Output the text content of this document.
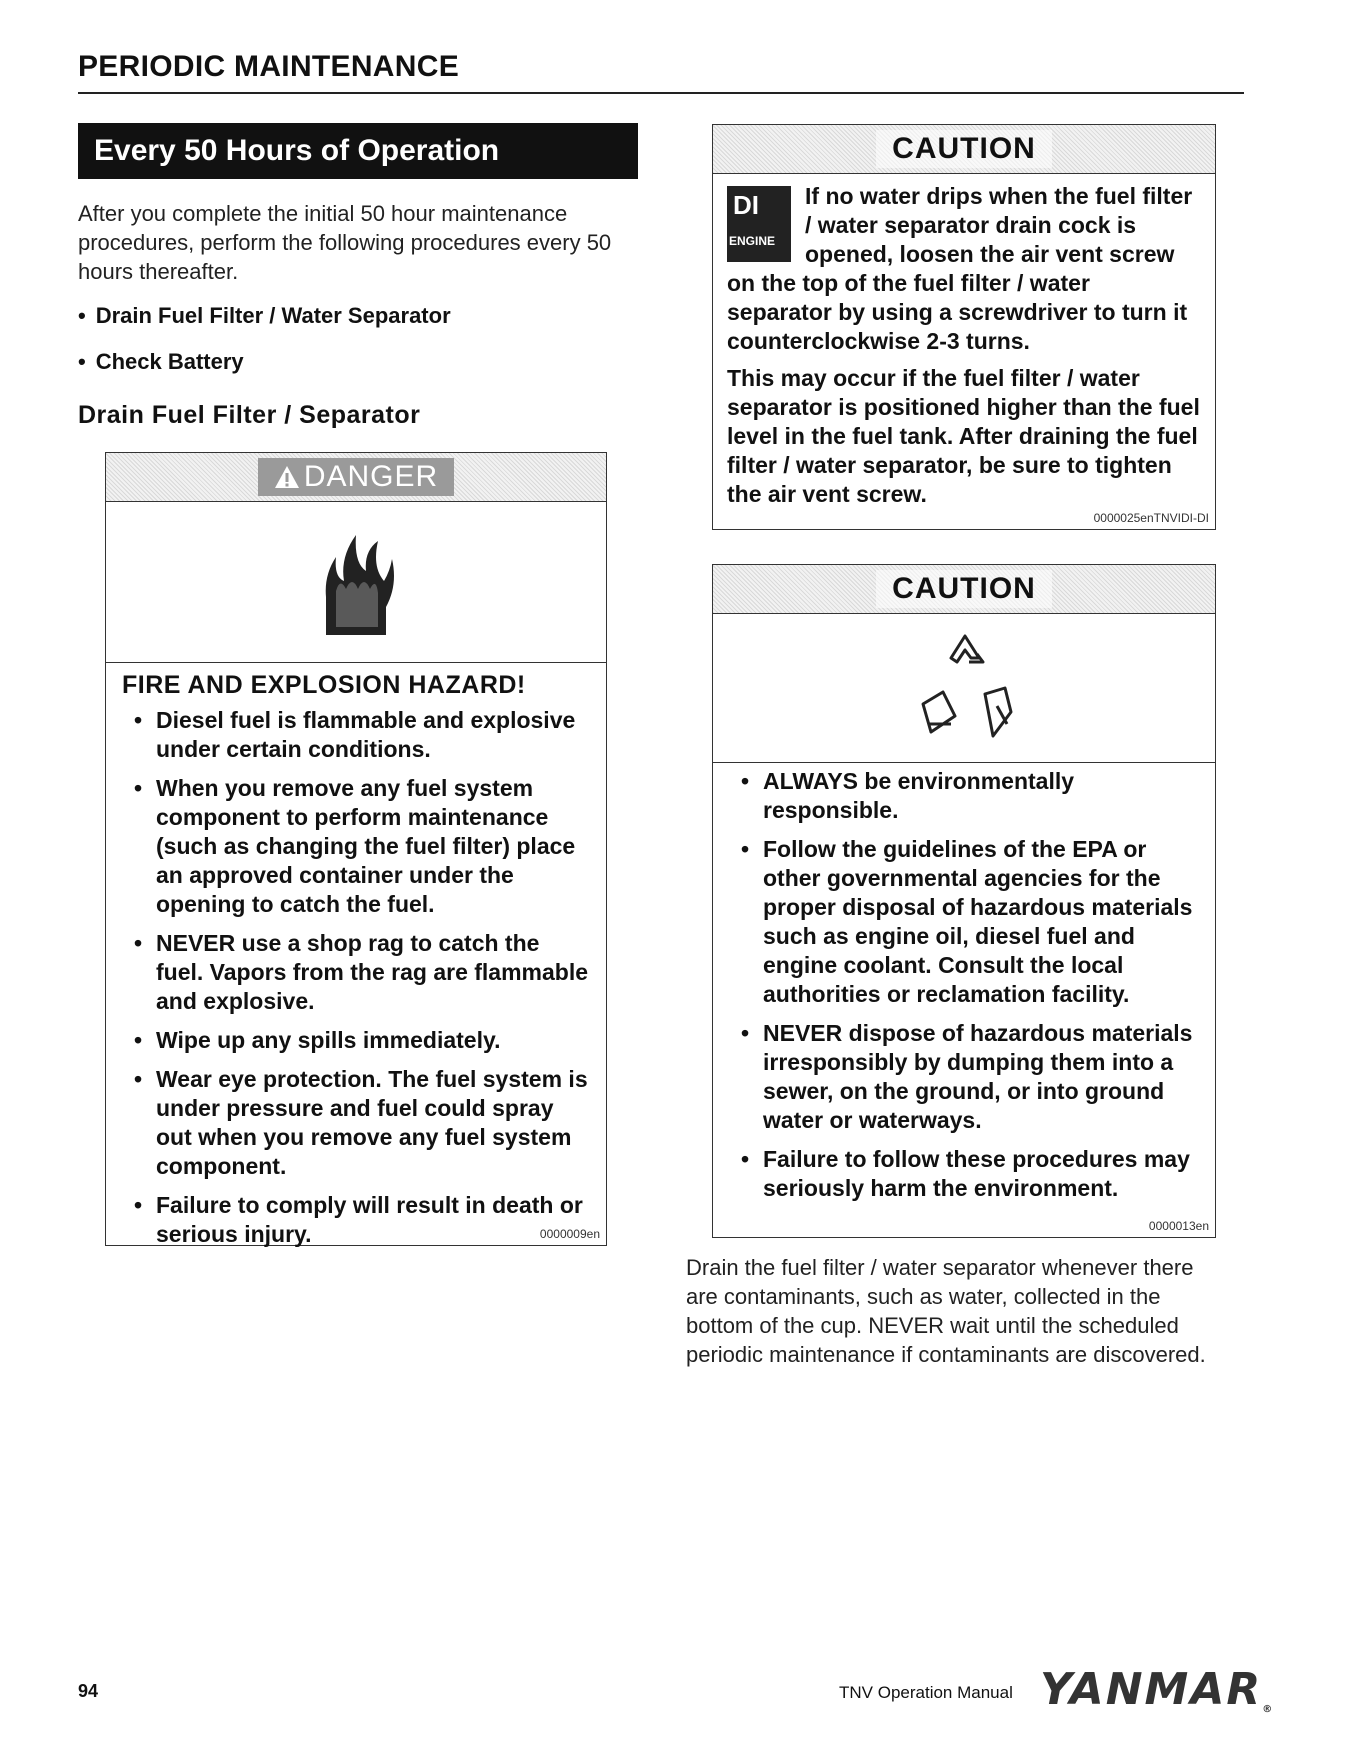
PERIODIC MAINTENANCE
Every 50 Hours of Operation

After you complete the initial 50 hour maintenance procedures, perform the following procedures every 50 hours thereafter.

• Drain Fuel Filter / Water Separator
• Check Battery
Drain Fuel Filter / Separator
DANGER

FIRE AND EXPLOSION HAZARD!

• Diesel fuel is flammable and explosive under certain conditions.
• When you remove any fuel system component to perform maintenance (such as changing the fuel filter) place an approved container under the opening to catch the fuel.
• NEVER use a shop rag to catch the fuel. Vapors from the rag are flammable and explosive.
• Wipe up any spills immediately.
• Wear eye protection. The fuel system is under pressure and fuel could spray out when you remove any fuel system component.
• Failure to comply will result in death or serious injury.	0000009en
CAUTION
DI
ENGINE

If no water drips when the fuel filter / water separator drain cock is opened, loosen the air vent screw on the top of the fuel filter / water separator by using a screwdriver to turn it counterclockwise 2-3 turns.

This may occur if the fuel filter / water separator is positioned higher than the fuel level in the fuel tank. After draining the fuel filter / water separator, be sure to tighten the air vent screw.

0000025enTNVIDI-DI
CAUTION
• ALWAYS be environmentally responsible.
• Follow the guidelines of the EPA or other governmental agencies for the proper disposal of hazardous materials such as engine oil, diesel fuel and engine coolant. Consult the local authorities or reclamation facility.
• NEVER dispose of hazardous materials irresponsibly by dumping them into a sewer, on the ground, or into ground water or waterways.
• Failure to follow these procedures may seriously harm the environment.
0000013en

Drain the fuel filter / water separator whenever there are contaminants, such as water, collected in the bottom of the cup. NEVER wait until the scheduled periodic maintenance if contaminants are discovered.

94	TNV Operation Manual YANMAR®
